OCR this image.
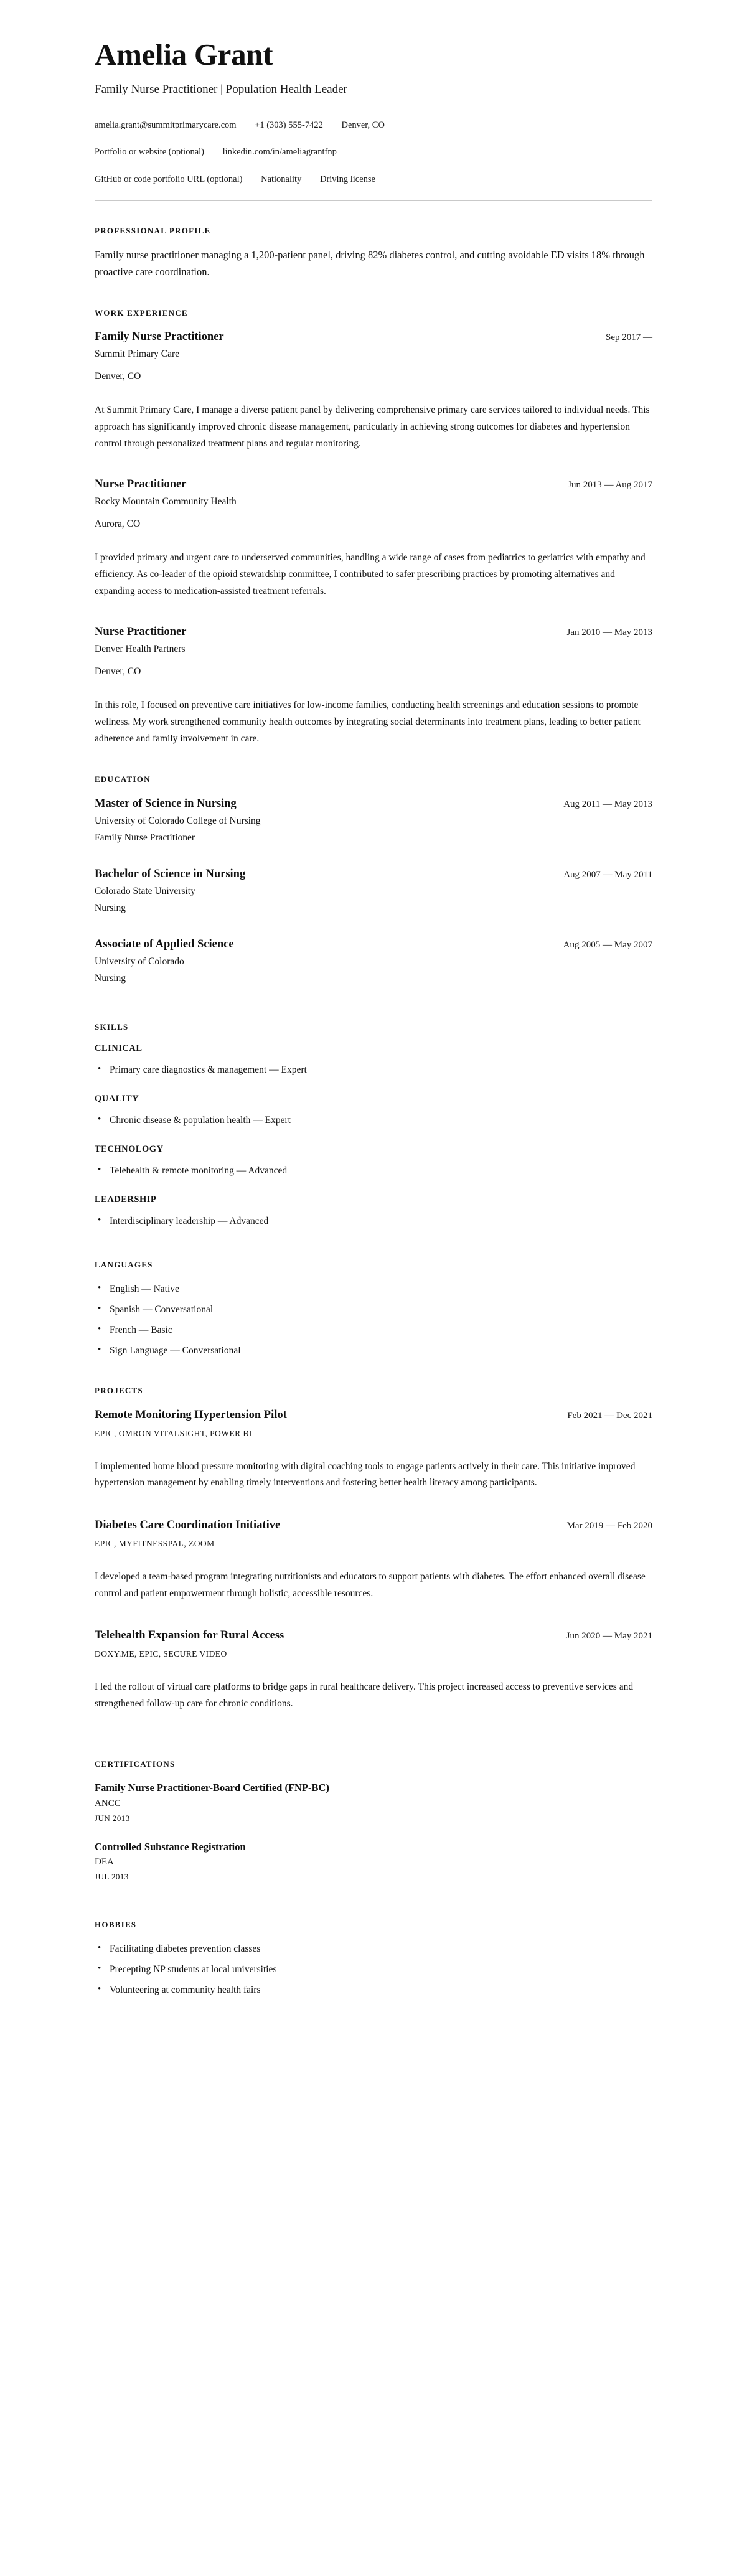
Amelia Grant
Family Nurse Practitioner | Population Health Leader
amelia.grant@summitprimarycare.com +1 (303) 555-7422 Denver, CO
Portfolio or website (optional) linkedin.com/in/ameliagrantfnp
GitHub or code portfolio URL (optional) Nationality Driving license
PROFESSIONAL PROFILE

Family nurse practitioner managing a 1,200-patient panel, driving 82% diabetes control, and cutting avoidable ED visits 18% through proactive care coordination.

WORK EXPERIENCE
Family Nurse Practitioner	Sep 2017 —
Summit Primary Care
Denver, CO

At Summit Primary Care, I manage a diverse patient panel by delivering comprehensive primary care services tailored to individual needs. This approach has significantly improved chronic disease management, particularly in achieving strong outcomes for diabetes and hypertension control through personalized treatment plans and regular monitoring.

Nurse Practitioner	Jun 2013 — Aug 2017
Rocky Mountain Community Health
Aurora, CO

I provided primary and urgent care to underserved communities, handling a wide range of cases from pediatrics to geriatrics with empathy and efficiency. As co-leader of the opioid stewardship committee, I contributed to safer prescribing practices by promoting alternatives and expanding access to medication-assisted treatment referrals.

Nurse Practitioner	Jan 2010 — May 2013
Denver Health Partners
Denver, CO

In this role, I focused on preventive care initiatives for low-income families, conducting health screenings and education sessions to promote wellness. My work strengthened community health outcomes by integrating social determinants into treatment plans, leading to better patient adherence and family involvement in care.

EDUCATION
Master of Science in Nursing	Aug 2011 — May 2013
University of Colorado College of Nursing
Family Nurse Practitioner
Bachelor of Science in Nursing	Aug 2007 — May 2011
Colorado State University
Nursing
Associate of Applied Science	Aug 2005 — May 2007
University of Colorado
Nursing
SKILLS
CLINICAL
• Primary care diagnostics & management — Expert
QUALITY
• Chronic disease & population health — Expert
TECHNOLOGY
• Telehealth & remote monitoring — Advanced
LEADERSHIP
• Interdisciplinary leadership — Advanced
LANGUAGES
• English — Native
• Spanish — Conversational
• French — Basic
• Sign Language — Conversational
PROJECTS
Remote Monitoring Hypertension Pilot	Feb 2021 — Dec 2021
EPIC, OMRON VITALSIGHT, POWER BI

I implemented home blood pressure monitoring with digital coaching tools to engage patients actively in their care. This initiative improved hypertension management by enabling timely interventions and fostering better health literacy among participants.

Diabetes Care Coordination Initiative	Mar 2019 — Feb 2020
EPIC, MYFITNESSPAL, ZOOM

I developed a team-based program integrating nutritionists and educators to support patients with diabetes. The effort enhanced overall disease control and patient empowerment through holistic, accessible resources.

Telehealth Expansion for Rural Access	Jun 2020 — May 2021
DOXY.ME, EPIC, SECURE VIDEO

I led the rollout of virtual care platforms to bridge gaps in rural healthcare delivery. This project increased access to preventive services and strengthened follow-up care for chronic conditions.

CERTIFICATIONS
Family Nurse Practitioner-Board Certified (FNP-BC)
ANCC
JUN 2013
Controlled Substance Registration
DEA
JUL 2013
HOBBIES
• Facilitating diabetes prevention classes
• Precepting NP students at local universities
• Volunteering at community health fairs
